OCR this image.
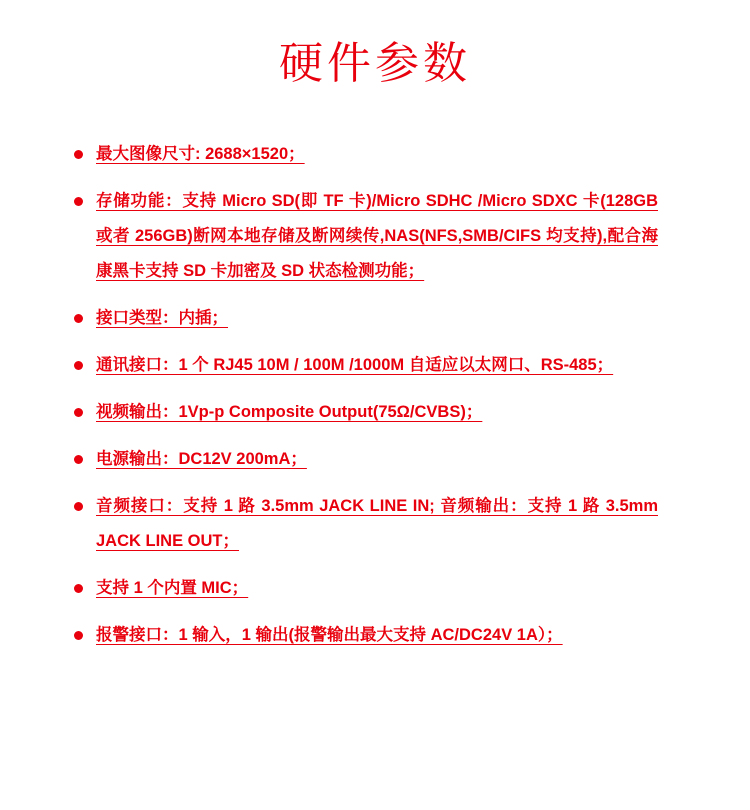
硬件参数
最大图像尺寸: 2688×1520；
存储功能：支持 Micro SD(即 TF 卡)/Micro SDHC /Micro SDXC 卡(128GB 或者 256GB)断网本地存储及断网续传,NAS(NFS,SMB/CIFS 均支持),配合海康黑卡支持 SD 卡加密及 SD 状态检测功能；
接口类型：内插；
通讯接口：1 个 RJ45 10M / 100M /1000M 自适应以太网口、RS-485；
视频输出：1Vp-p Composite Output(75Ω/CVBS)；
电源输出：DC12V 200mA；
音频接口：支持 1 路 3.5mm JACK LINE IN; 音频输出：支持 1 路 3.5mm JACK LINE OUT；
支持 1 个内置 MIC；
报警接口：1 输入，1 输出(报警输出最大支持 AC/DC24V 1A）；
